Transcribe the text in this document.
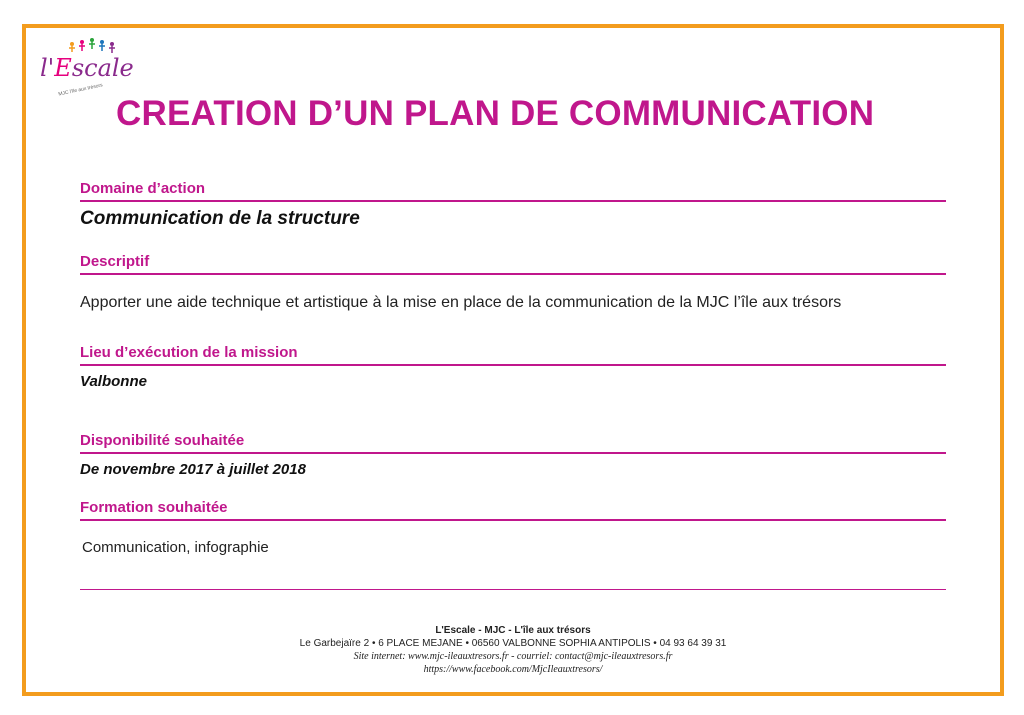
l'Escale
MJC l'île aux trésors
CREATION D’UN PLAN DE COMMUNICATION
Domaine d’action
Communication de la structure
Descriptif
Apporter une aide technique et artistique à la mise en place de la communication de la MJC l’île aux trésors
Lieu d’exécution de la mission
Valbonne
Disponibilité souhaitée
De novembre 2017 à juillet 2018
Formation souhaitée
Communication, infographie
L'Escale - MJC - L'île aux trésors
Le Garbejaïre 2 • 6 PLACE MEJANE • 06560 VALBONNE SOPHIA ANTIPOLIS • 04 93 64 39 31
Site internet: www.mjc-ileauxtresors.fr - courriel: contact@mjc-ileauxtresors.fr
https://www.facebook.com/MjcIleauxtresors/
